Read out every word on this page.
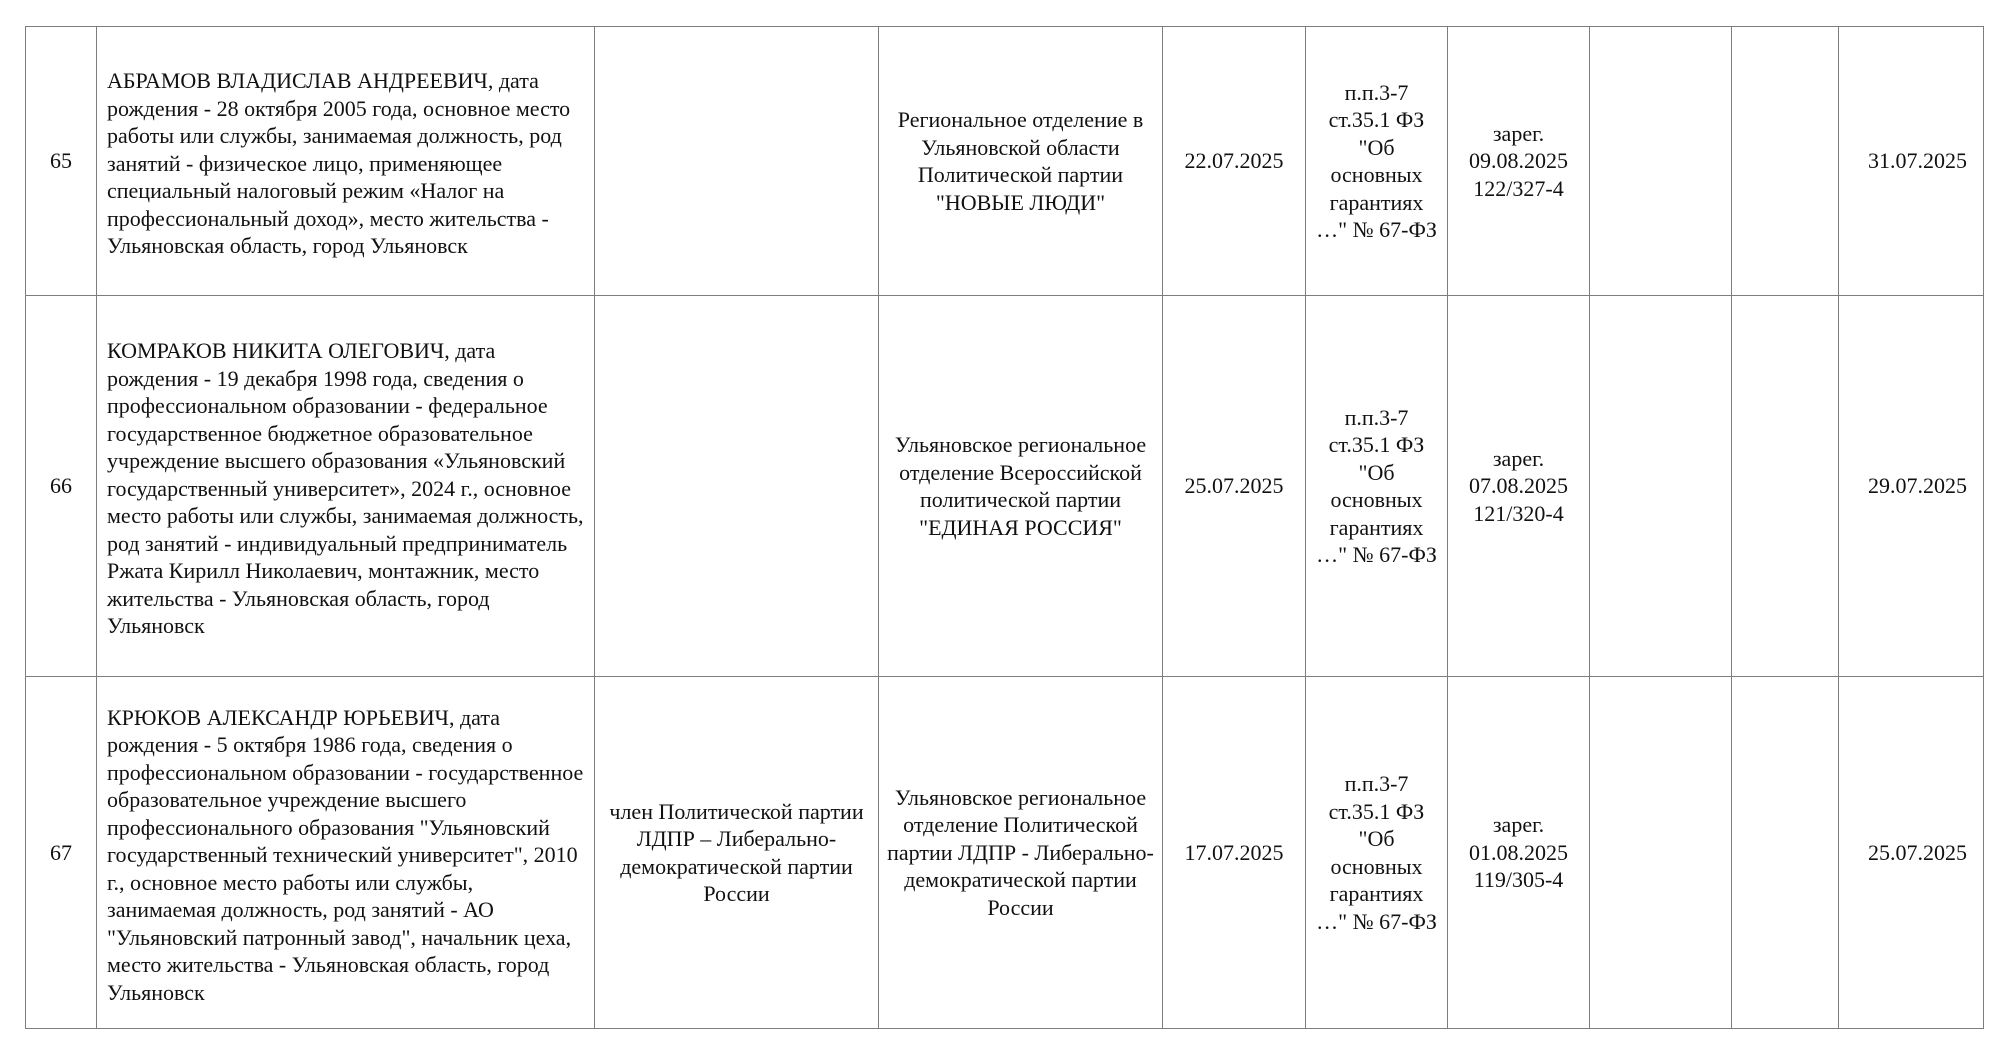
65	АБРАМОВ ВЛАДИСЛАВ АНДРЕЕВИЧ, дата рождения - 28 октября 2005 года, основное место работы или службы, занимаемая должность, род занятий - физическое лицо, применяющее специальный налоговый режим «Налог на профессиональный доход», место жительства - Ульяновская область, город Ульяновск		Региональное отделение в Ульяновской области Политической партии "НОВЫЕ ЛЮДИ"	22.07.2025	п.п.3-7 ст.35.1 ФЗ "Об основных гарантиях …" № 67-ФЗ	зарег. 09.08.2025 122/327-4			31.07.2025
66	КОМРАКОВ НИКИТА ОЛЕГОВИЧ, дата рождения - 19 декабря 1998 года, сведения о профессиональном образовании - федеральное государственное бюджетное образовательное учреждение высшего образования «Ульяновский государственный университет», 2024 г., основное место работы или службы, занимаемая должность, род занятий - индивидуальный предприниматель Ржата Кирилл Николаевич, монтажник, место жительства - Ульяновская область, город Ульяновск		Ульяновское региональное отделение Всероссийской политической партии "ЕДИНАЯ РОССИЯ"	25.07.2025	п.п.3-7 ст.35.1 ФЗ "Об основных гарантиях …" № 67-ФЗ	зарег. 07.08.2025 121/320-4			29.07.2025
67	КРЮКОВ АЛЕКСАНДР ЮРЬЕВИЧ, дата рождения - 5 октября 1986 года, сведения о профессиональном образовании - государственное образовательное учреждение высшего профессионального образования "Ульяновский государственный технический университет", 2010 г., основное место работы или службы, занимаемая должность, род занятий - АО "Ульяновский патронный завод", начальник цеха, место жительства - Ульяновская область, город Ульяновск	член Политической партии ЛДПР – Либерально-демократической партии России	Ульяновское региональное отделение Политической партии ЛДПР - Либерально-демократической партии России	17.07.2025	п.п.3-7 ст.35.1 ФЗ "Об основных гарантиях …" № 67-ФЗ	зарег. 01.08.2025 119/305-4			25.07.2025
